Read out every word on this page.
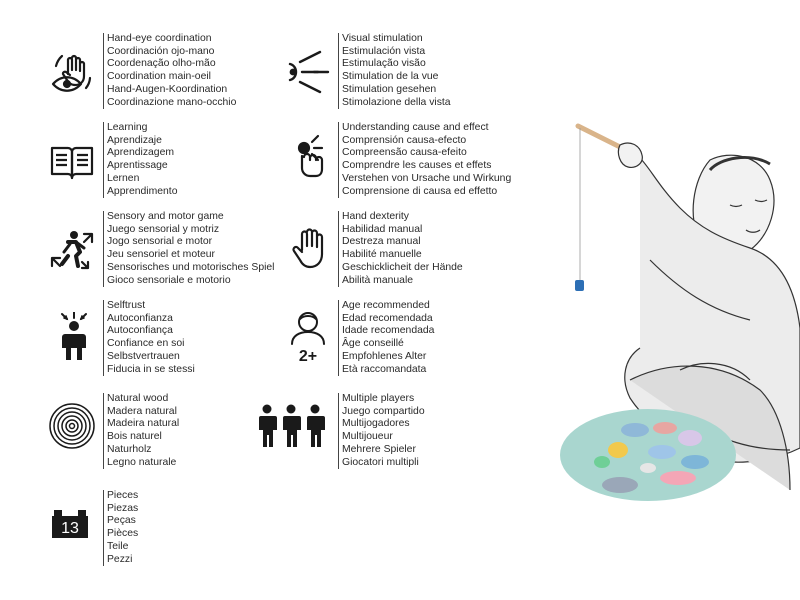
Hand-eye coordination
Coordinación ojo-mano
Coordenação olho-mão
Coordination main-oeil
Hand-Augen-Koordination
Coordinazione mano-occhio
Visual stimulation
Estimulación vista
Estimulação visão
Stimulation de la vue
Stimulation gesehen
Stimolazione della vista
Learning
Aprendizaje
Aprendizagem
Aprentissage
Lernen
Apprendimento
Understanding cause and effect
Comprensión causa-efecto
Compreensão causa-efeito
Comprendre les causes et effets
Verstehen von Ursache und Wirkung
Comprensione di causa ed effetto
Sensory and motor game
Juego sensorial y motriz
Jogo sensorial e motor
Jeu sensoriel et moteur
Sensorisches und motorisches Spiel
Gioco sensoriale e motorio
Hand dexterity
Habilidad manual
Destreza manual
Habilité manuelle
Geschicklicheit der Hände
Abilità manuale
Selftrust
Autoconfianza
Autoconfiança
Confiance en soi
Selbstvertrauen
Fiducia in se stessi
2+
Age recommended
Edad recomendada
Idade recomendada
Âge conseillé
Empfohlenes Alter
Età raccomandata
Natural wood
Madera natural
Madeira natural
Bois naturel
Naturholz
Legno naturale
Multiple players
Juego compartido
Multijogadores
Multijoueur
Mehrere Spieler
Giocatori multipli
13
Pieces
Piezas
Peças
Pièces
Teile
Pezzi
